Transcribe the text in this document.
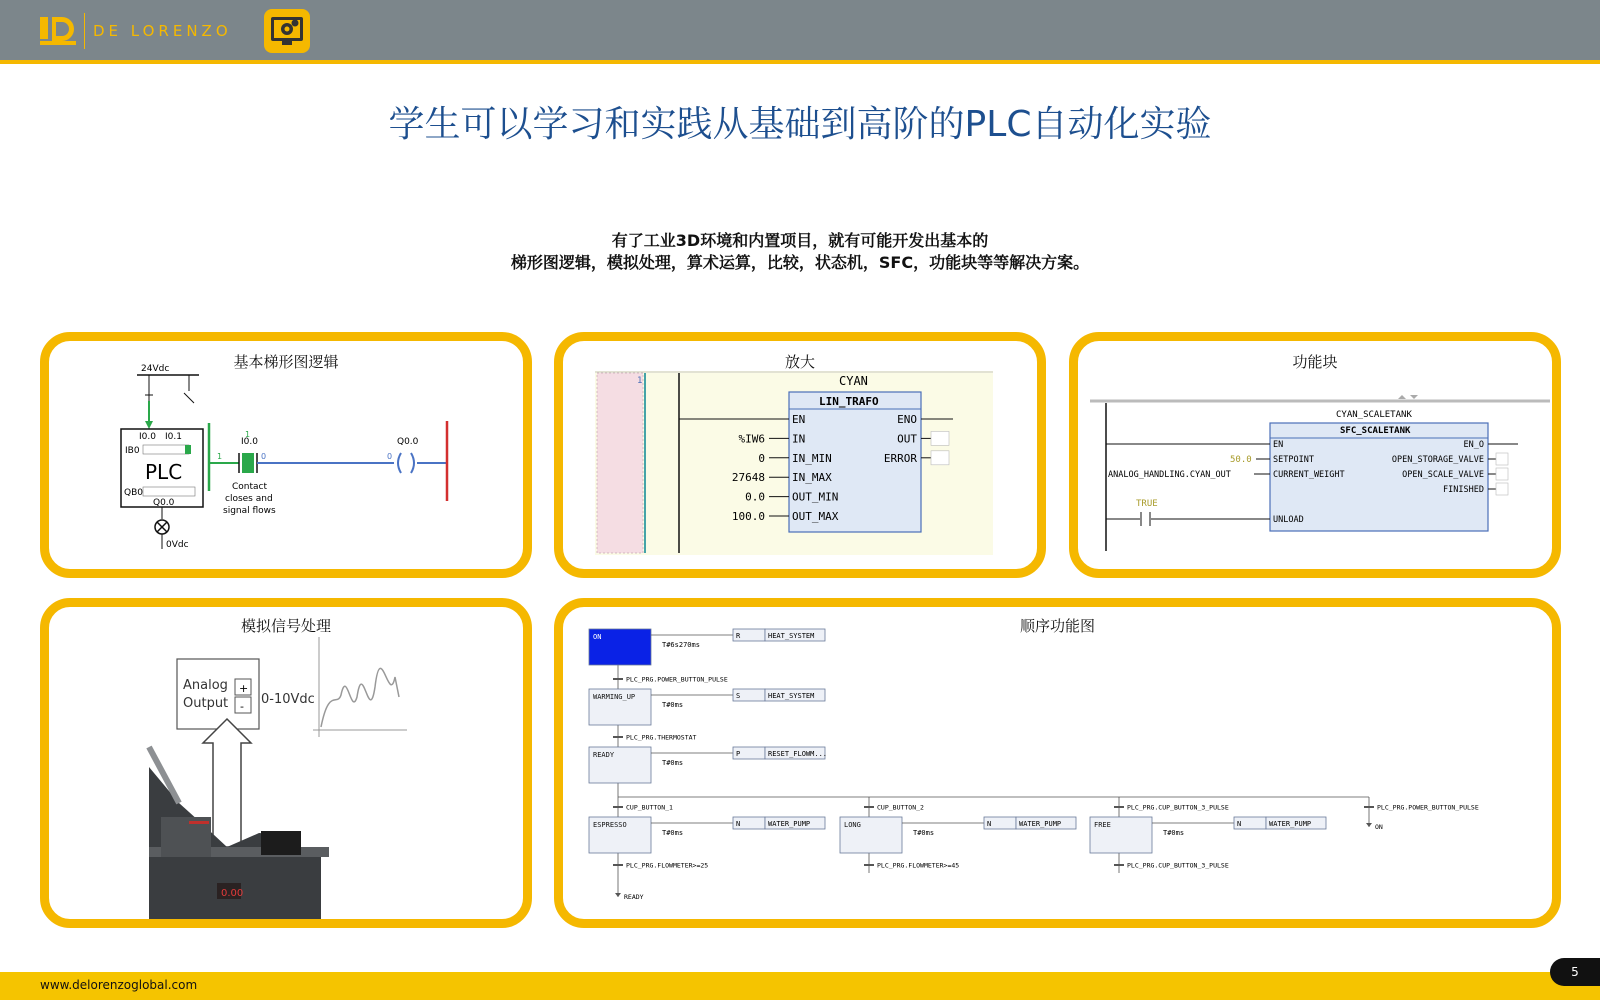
DE LORENZO
学生可以学习和实践从基础到高阶的PLC自动化实验
有了工业3D环境和内置项目，就有可能开发出基本的
梯形图逻辑，模拟处理，算术运算，比较，状态机，SFC，功能块等等解决方案。
基本梯形图逻辑
24Vdc
I0.0 I0.1
IB0
PLC
QB0
Q0.0
0Vdc
I0.0
1
1
0	0
Q0.0
Contact
closes and
signal flows
放大
1	CYAN
LIN_TRAFO
EN
IN
IN_MIN
IN_MAX
OUT_MIN
OUT_MAX
ENO
OUT
ERROR
%IW6
0
27648
0.0
100.0
功能块
CYAN_SCALETANK
SFC_SCALETANK
50.0
ANALOG_HANDLING.CYAN_OUT
TRUE
EN
SETPOINT
CURRENT_WEIGHT
UNLOAD
EN_O
OPEN_STORAGE_VALVE
OPEN_SCALE_VALVE
FINISHED
模拟信号处理
Analog
Output
+
- 0-10Vdc
0.00
顺序功能图
ON
T#6s270ms
R	HEAT_SYSTEM
WARMING_UP
T#0ms
S	HEAT_SYSTEM
READY
T#0ms
P	RESET_FLOWM...
ESPRESSO
T#0ms
N	WATER_PUMP	LONG
T#0ms
N	WATER_PUMP	FREE
T#0ms
N	WATER_PUMP
PLC_PRG.POWER_BUTTON_PULSE
PLC_PRG.THERMOSTAT
CUP_BUTTON_1	CUP_BUTTON_2	PLC_PRG.CUP_BUTTON_3_PULSE	PLC_PRG.POWER_BUTTON_PULSE
PLC_PRG.FLOWMETER>=25	PLC_PRG.FLOWMETER>=45	PLC_PRG.CUP_BUTTON_3_PULSE
READY
ON
www.delorenzoglobal.com
5
